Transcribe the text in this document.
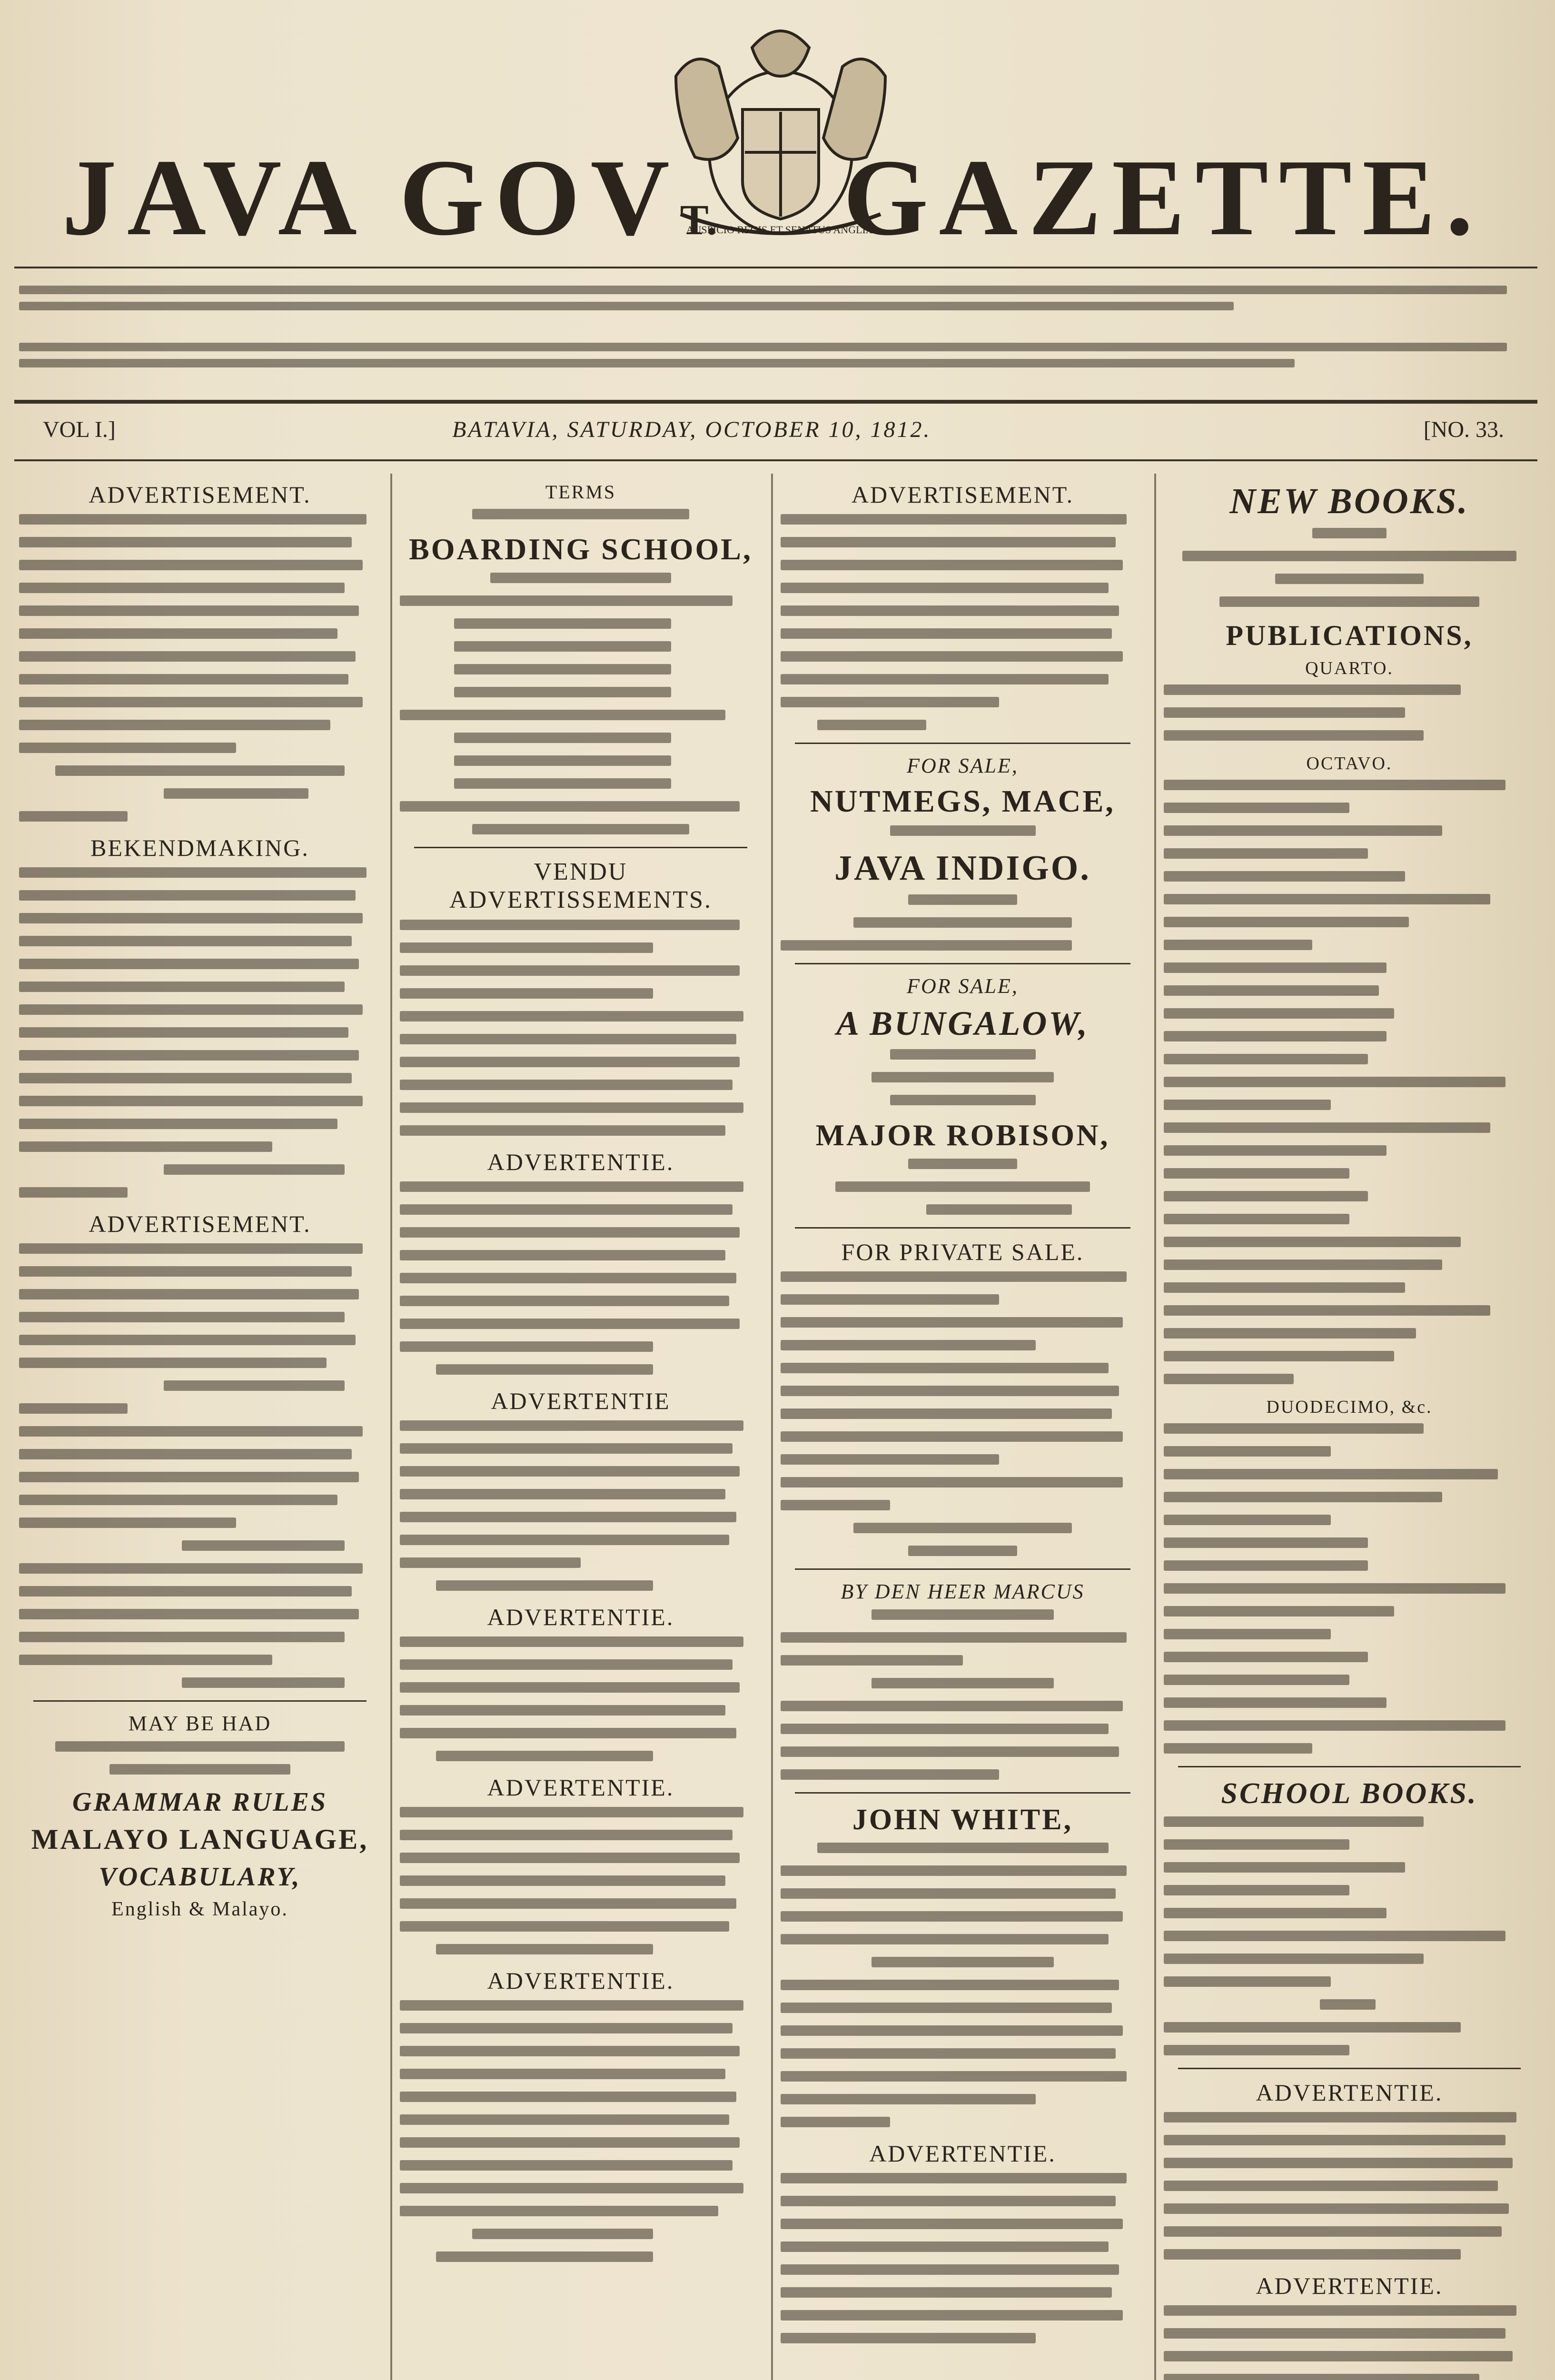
JAVA GOVT.
AUSPICIO REGIS ET SENATUS ANGLIÆ
GAZETTE.
VOL I.]	BATAVIA, SATURDAY, OCTOBER 10, 1812.	[NO. 33.
ADVERTISEMENT.
BEKENDMAKING.
ADVERTISEMENT.
MAY BE HAD
GRAMMAR RULES
MALAYO LANGUAGE,
VOCABULARY,
English & Malayo.
TERMS
BOARDING SCHOOL,
VENDU ADVERTISSEMENTS.
ADVERTENTIE.
ADVERTENTIE
ADVERTENTIE.
ADVERTENTIE.
ADVERTENTIE.
ADVERTISEMENT.
FOR SALE,
NUTMEGS, MACE,
JAVA INDIGO.
FOR SALE,
A BUNGALOW,
MAJOR ROBISON,
FOR PRIVATE SALE.
BY DEN HEER MARCUS
JOHN WHITE,
ADVERTENTIE.
NEW BOOKS.
PUBLICATIONS,
QUARTO.
OCTAVO.
DUODECIMO, &c.
SCHOOL BOOKS.
ADVERTENTIE.
ADVERTENTIE.
